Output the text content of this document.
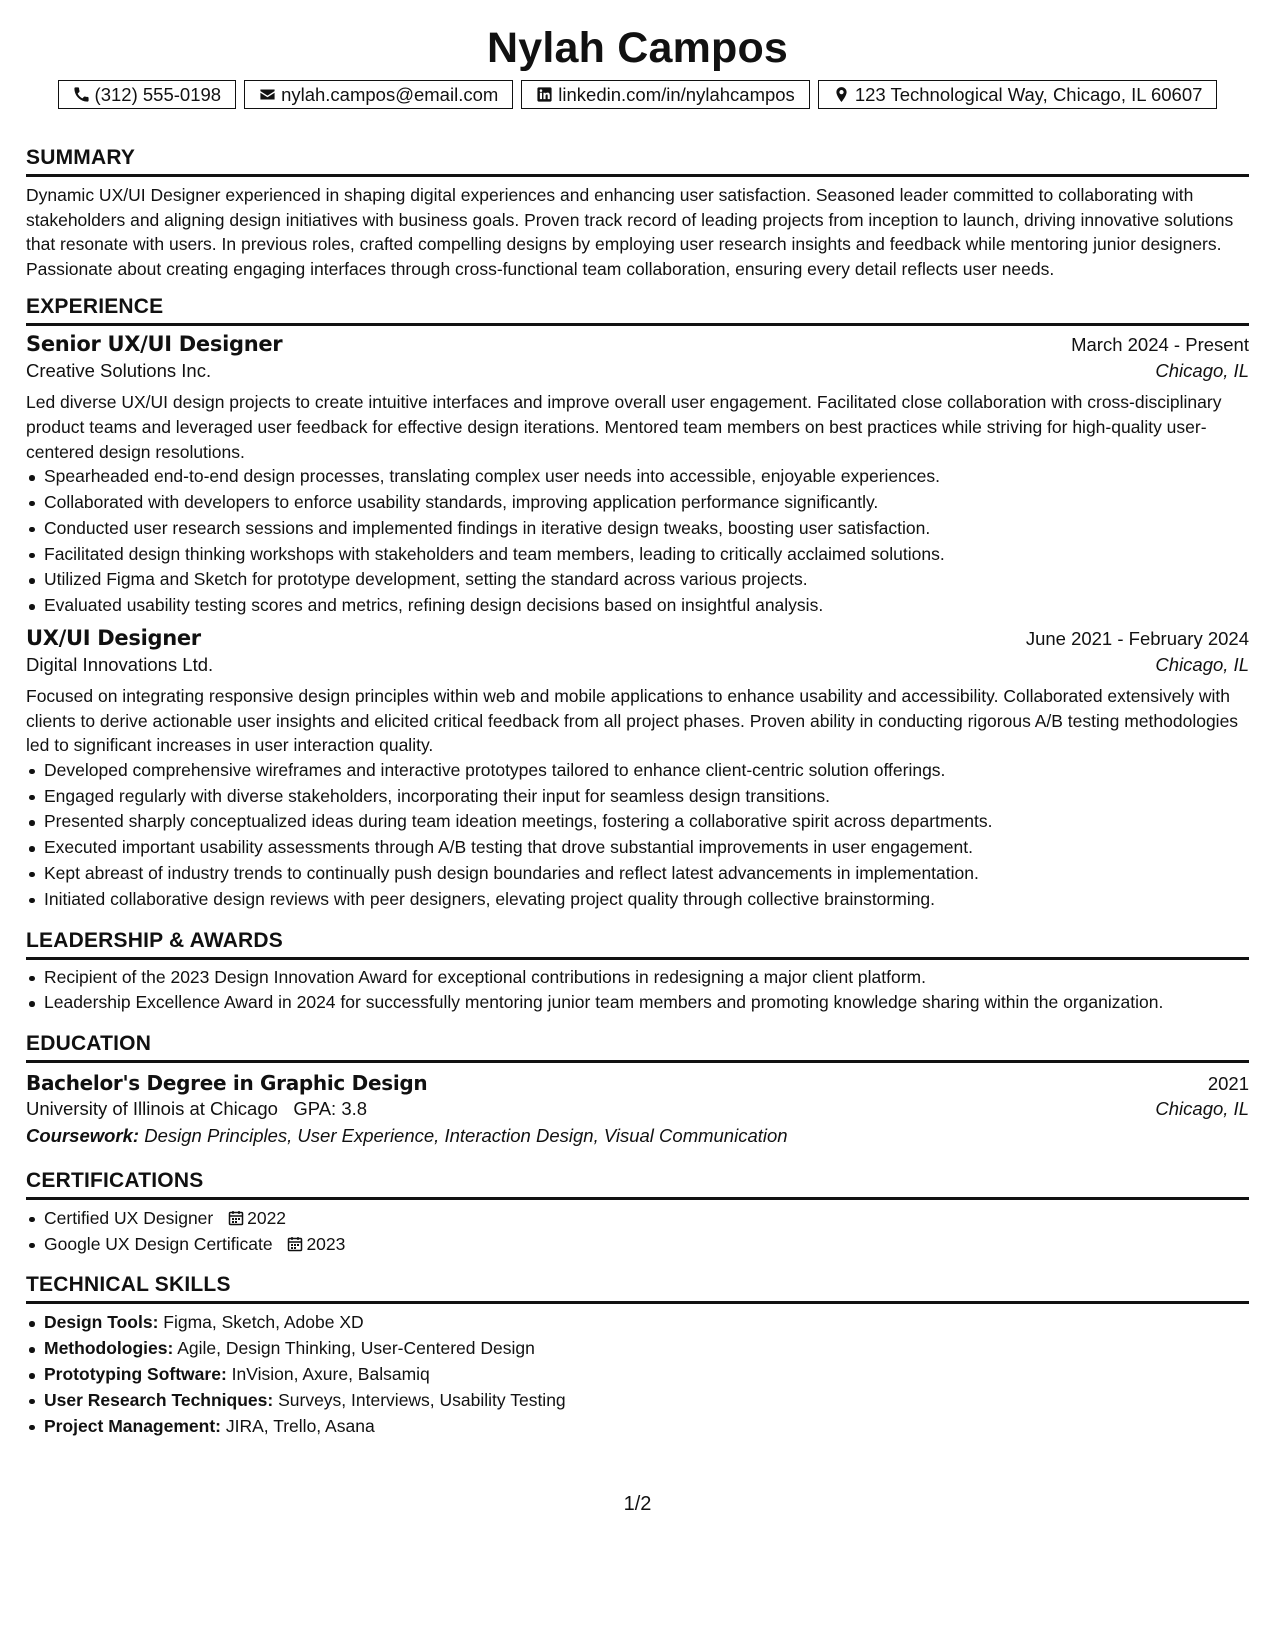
Nylah Campos
(312) 555-0198	nylah.campos@email.com	linkedin.com/in/nylahcampos	123 Technological Way, Chicago, IL 60607
SUMMARY
Dynamic UX/UI Designer experienced in shaping digital experiences and enhancing user satisfaction. Seasoned leader committed to collaborating with stakeholders and aligning design initiatives with business goals. Proven track record of leading projects from inception to launch, driving innovative solutions that resonate with users. In previous roles, crafted compelling designs by employing user research insights and feedback while mentoring junior designers. Passionate about creating engaging interfaces through cross-functional team collaboration, ensuring every detail reflects user needs.
EXPERIENCE
Senior UX/UI Designer	March 2024 - Present
Creative Solutions Inc.	Chicago, IL
Led diverse UX/UI design projects to create intuitive interfaces and improve overall user engagement. Facilitated close collaboration with cross-disciplinary product teams and leveraged user feedback for effective design iterations. Mentored team members on best practices while striving for high-quality user-centered design resolutions.
Spearheaded end-to-end design processes, translating complex user needs into accessible, enjoyable experiences.
Collaborated with developers to enforce usability standards, improving application performance significantly.
Conducted user research sessions and implemented findings in iterative design tweaks, boosting user satisfaction.
Facilitated design thinking workshops with stakeholders and team members, leading to critically acclaimed solutions.
Utilized Figma and Sketch for prototype development, setting the standard across various projects.
Evaluated usability testing scores and metrics, refining design decisions based on insightful analysis.
UX/UI Designer	June 2021 - February 2024
Digital Innovations Ltd.	Chicago, IL
Focused on integrating responsive design principles within web and mobile applications to enhance usability and accessibility. Collaborated extensively with clients to derive actionable user insights and elicited critical feedback from all project phases. Proven ability in conducting rigorous A/B testing methodologies led to significant increases in user interaction quality.
Developed comprehensive wireframes and interactive prototypes tailored to enhance client-centric solution offerings.
Engaged regularly with diverse stakeholders, incorporating their input for seamless design transitions.
Presented sharply conceptualized ideas during team ideation meetings, fostering a collaborative spirit across departments.
Executed important usability assessments through A/B testing that drove substantial improvements in user engagement.
Kept abreast of industry trends to continually push design boundaries and reflect latest advancements in implementation.
Initiated collaborative design reviews with peer designers, elevating project quality through collective brainstorming.
LEADERSHIP & AWARDS
Recipient of the 2023 Design Innovation Award for exceptional contributions in redesigning a major client platform.
Leadership Excellence Award in 2024 for successfully mentoring junior team members and promoting knowledge sharing within the organization.
EDUCATION
Bachelor's Degree in Graphic Design	2021
University of Illinois at Chicago GPA: 3.8	Chicago, IL
Coursework: Design Principles, User Experience, Interaction Design, Visual Communication
CERTIFICATIONS
Certified UX Designer 2022
Google UX Design Certificate 2023
TECHNICAL SKILLS
Design Tools: Figma, Sketch, Adobe XD
Methodologies: Agile, Design Thinking, User-Centered Design
Prototyping Software: InVision, Axure, Balsamiq
User Research Techniques: Surveys, Interviews, Usability Testing
Project Management: JIRA, Trello, Asana
1/2
